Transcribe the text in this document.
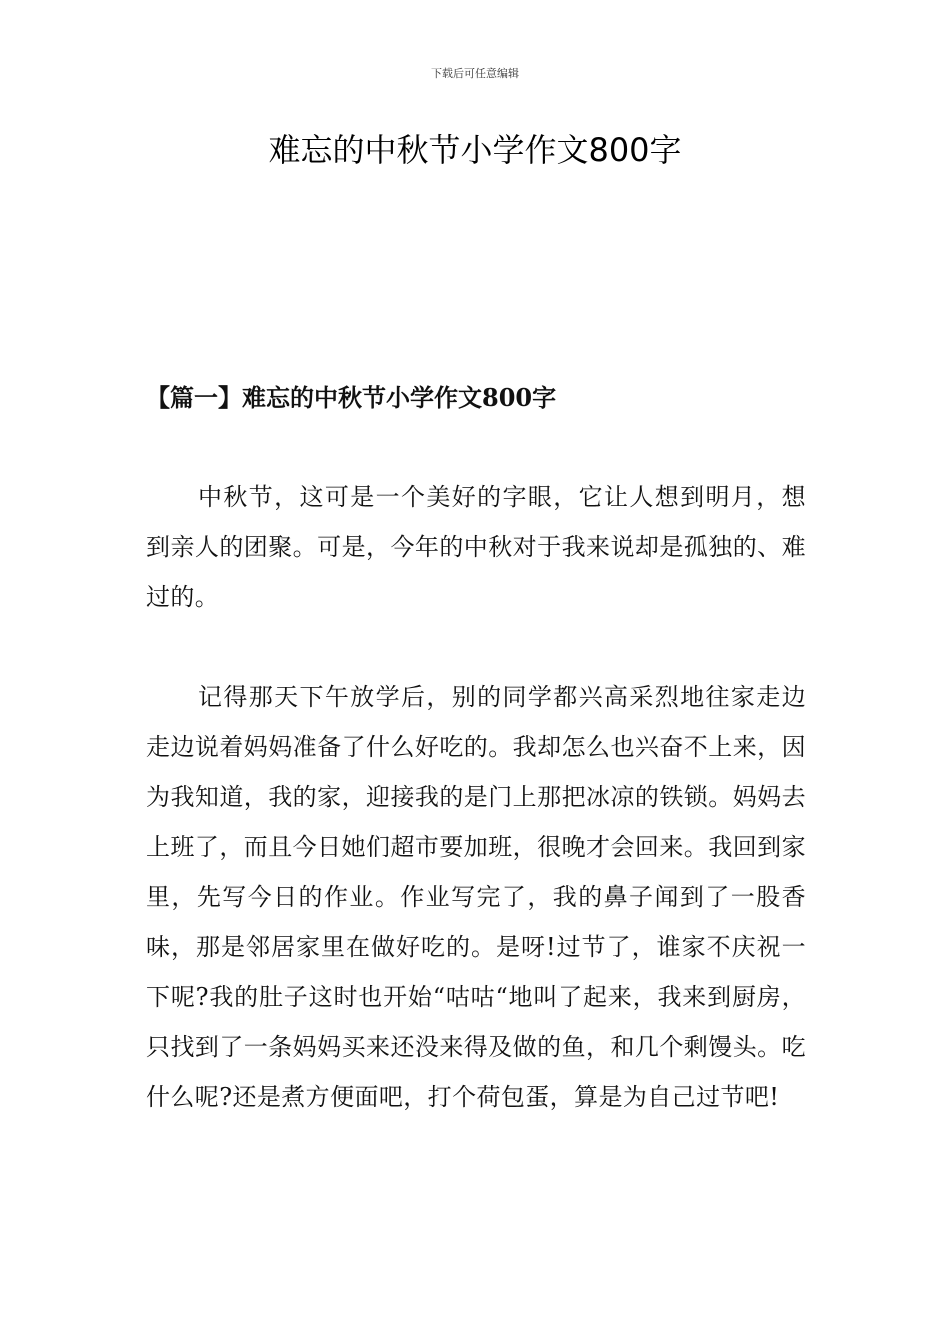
下载后可任意编辑
难忘的中秋节小学作文800字
【篇一】难忘的中秋节小学作文800字

中秋节，这可是一个美好的字眼，它让人想到明月，想到亲人的团聚。可是，今年的中秋对于我来说却是孤独的、难过的。

记得那天下午放学后，别的同学都兴高采烈地往家走边走边说着妈妈准备了什么好吃的。我却怎么也兴奋不上来，因为我知道，我的家，迎接我的是门上那把冰凉的铁锁。妈妈去上班了，而且今日她们超市要加班，很晚才会回来。我回到家里，先写今日的作业。作业写完了，我的鼻子闻到了一股香味，那是邻居家里在做好吃的。是呀!过节了，谁家不庆祝一下呢?我的肚子这时也开始“咕咕“地叫了起来，我来到厨房，只找到了一条妈妈买来还没来得及做的鱼，和几个剩馒头。吃什么呢?还是煮方便面吧，打个荷包蛋，算是为自己过节吧!
